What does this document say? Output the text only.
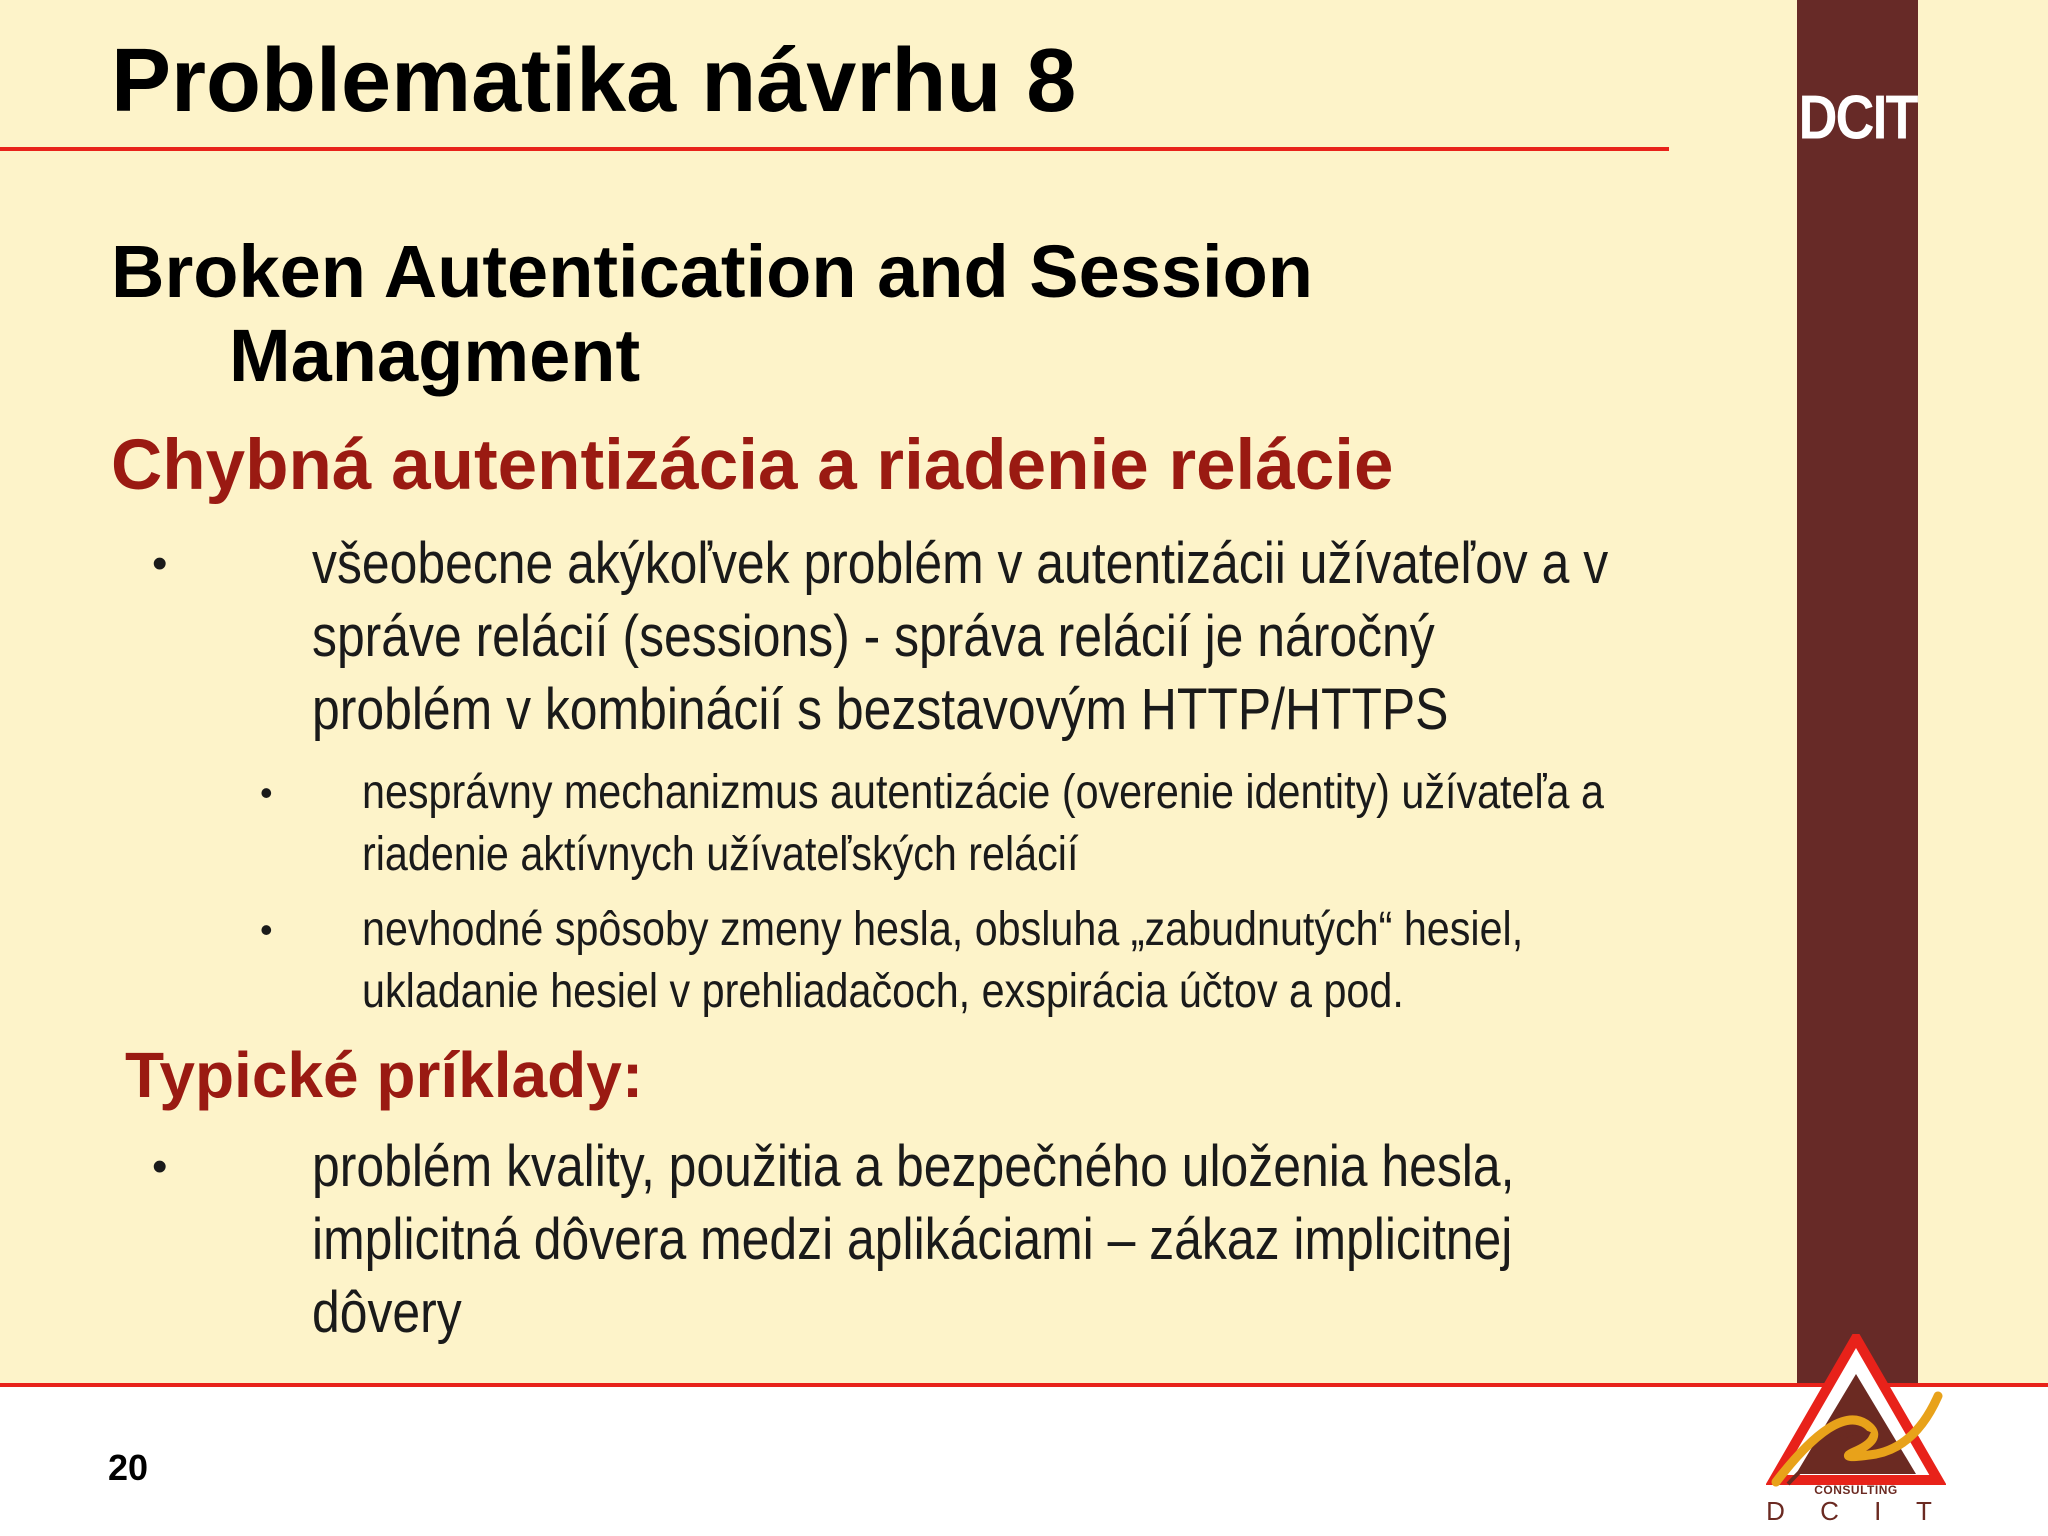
DCIT
Problematika návrhu 8
Broken Autentication and Session
Managment
Chybná autentizácia a riadenie relácie
• všeobecne akýkoľvek problém v autentizácii užívateľov a v správe relácií (sessions) - správa relácií je náročný problém v kombinácií s bezstavovým HTTP/HTTPS
• nesprávny mechanizmus autentizácie (overenie identity) užívateľa a riadenie aktívnych užívateľských relácií
• nevhodné spôsoby zmeny hesla, obsluha „zabudnutých“ hesiel, ukladanie hesiel v prehliadačoch, exspirácia účtov a pod.
Typické príklady:
• problém kvality, použitia a bezpečného uloženia hesla, implicitná dôvera medzi aplikáciami – zákaz implicitnej dôvery
20
CONSULTING
D C I T
